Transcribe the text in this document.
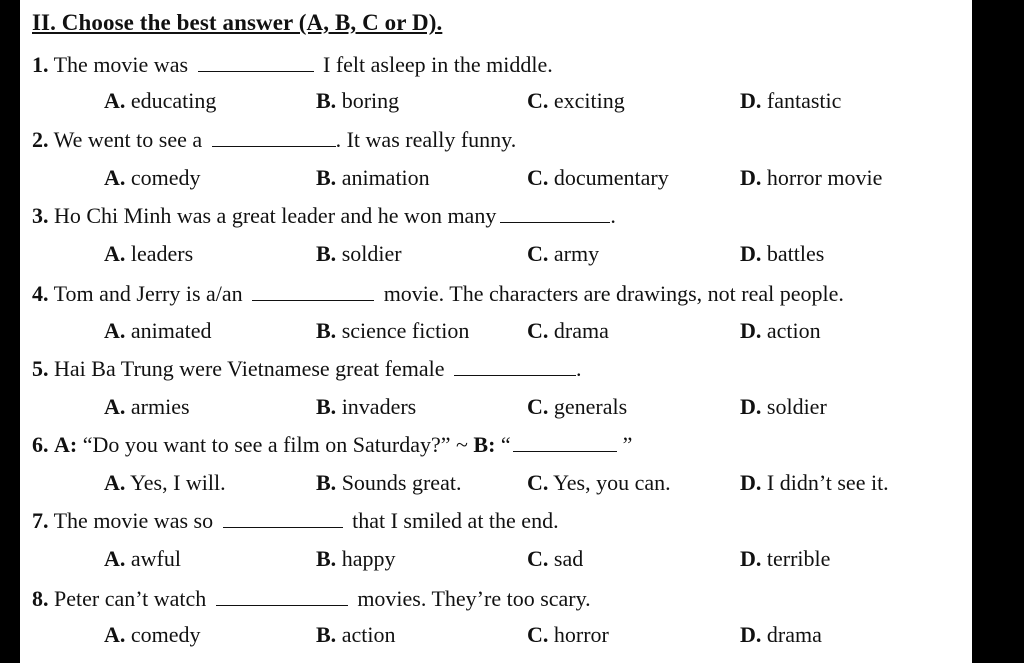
II. Choose the best answer (A, B, C or D).
1. The movie was	I felt asleep in the middle.
A. educating	B. boring	C. exciting	D. fantastic
2. We went to see a	. It was really funny.
A. comedy	B. animation	C. documentary	D. horror movie
3. Ho Chi Minh was a great leader and he won many	.
A. leaders	B. soldier	C. army	D. battles
4. Tom and Jerry is a/an	movie. The characters are drawings, not real people.
A. animated	B. science fiction	C. drama	D. action
5. Hai Ba Trung were Vietnamese great female	.
A. armies	B. invaders	C. generals	D. soldier
6. A: “Do you want to see a film on Saturday?” ~ B: “	”
A. Yes, I will.	B. Sounds great.	C. Yes, you can.	D. I didn’t see it.
7. The movie was so	that I smiled at the end.
A. awful	B. happy	C. sad	D. terrible
8. Peter can’t watch	movies. They’re too scary.
A. comedy	B. action	C. horror	D. drama
